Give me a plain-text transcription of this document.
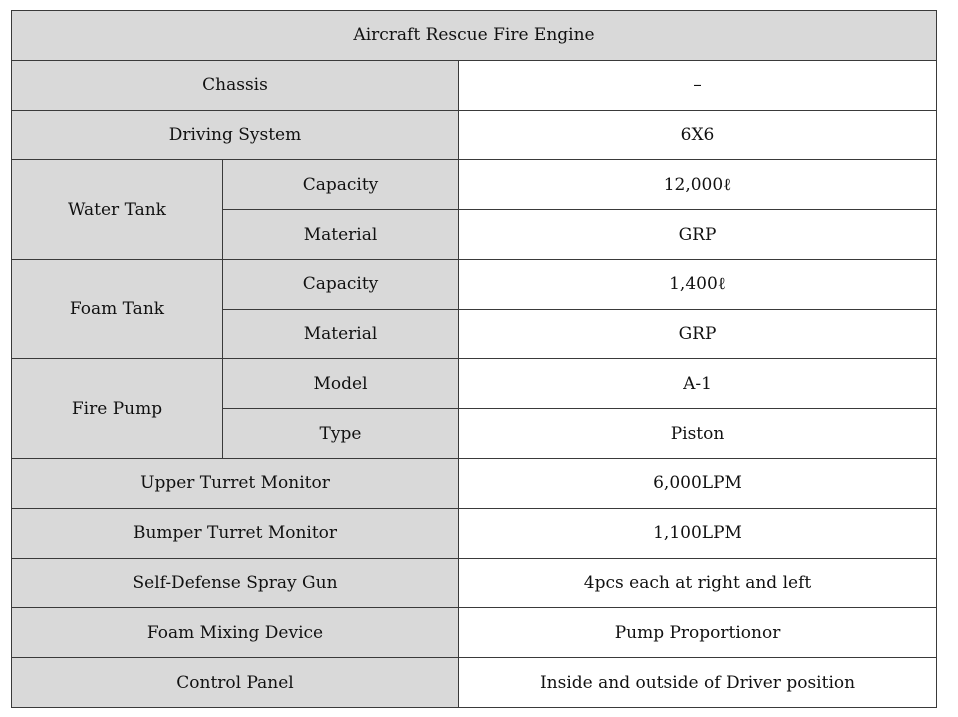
Aircraft Rescue Fire Engine		
Chassis		–
Driving System		6X6
Water Tank	Capacity	12,000ℓ
	Material	GRP
Foam Tank	Capacity	1,400ℓ
	Material	GRP
Fire Pump	Model	A-1
	Type	Piston
Upper Turret Monitor		6,000LPM
Bumper Turret Monitor		1,100LPM
Self-Defense Spray Gun		4pcs each at right and left
Foam Mixing Device		Pump Proportionor
Control Panel		Inside and outside of Driver position
